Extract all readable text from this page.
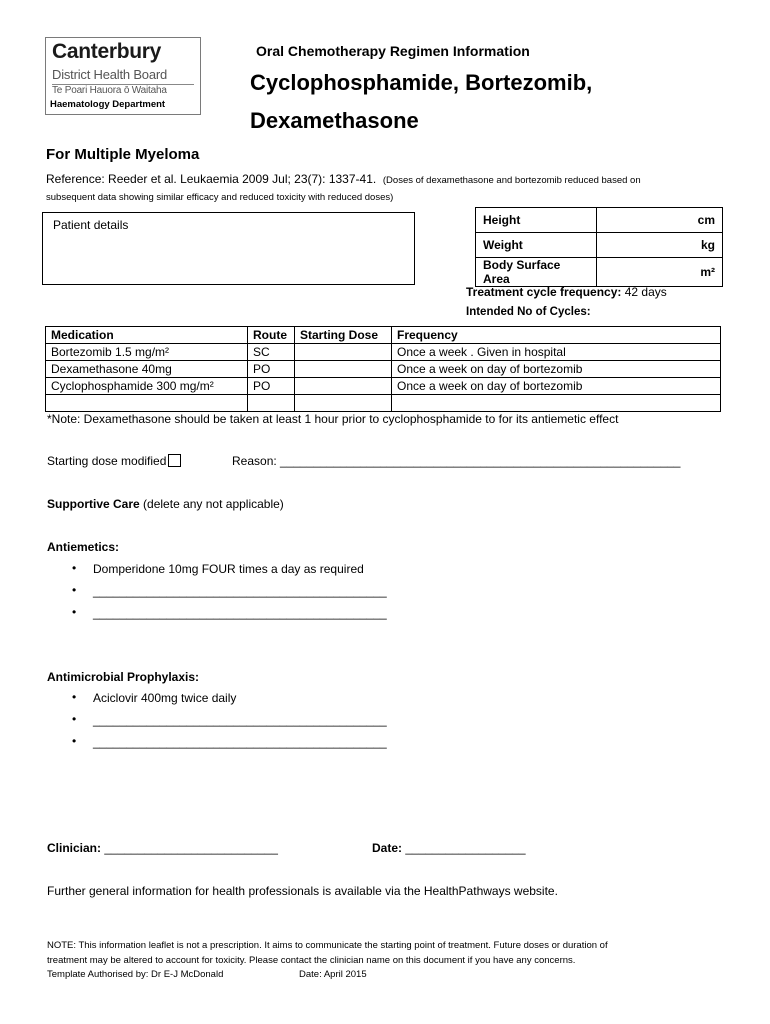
Canterbury
District Health Board
Te Poari Hauora ō Waitaha
Haematology Department
Oral Chemotherapy Regimen Information
Cyclophosphamide, Bortezomib,
Dexamethasone
For Multiple Myeloma
Reference: Reeder et al. Leukaemia 2009 Jul; 23(7): 1337-41. (Doses of dexamethasone and bortezomib reduced based on
subsequent data showing similar efficacy and reduced toxicity with reduced doses)
Patient details	Height	cm
Weight	kg
Body Surface Area	m²
Treatment cycle frequency: 42 days
Intended No of Cycles:
Medication	Route	Starting Dose	Frequency
Bortezomib 1.5 mg/m²	SC		Once a week . Given in hospital
Dexamethasone 40mg	PO		Once a week on day of bortezomib
Cyclophosphamide 300 mg/m²	PO		Once a week on day of bortezomib

*Note: Dexamethasone should be taken at least 1 hour prior to cyclophosphamide to for its antiemetic effect
Starting dose modified	Reason: ____________________________________________________________
Supportive Care (delete any not applicable)
Antiemetics:
• Domperidone 10mg FOUR times a day as required
• ____________________________________________
• ____________________________________________
Antimicrobial Prophylaxis:
• Aciclovir 400mg twice daily
• ____________________________________________
• ____________________________________________
Clinician: __________________________	Date: __________________
Further general information for health professionals is available via the HealthPathways website.
NOTE: This information leaflet is not a prescription. It aims to communicate the starting point of treatment. Future doses or duration of
treatment may be altered to account for toxicity. Please contact the clinician name on this document if you have any concerns.
Template Authorised by: Dr E-J McDonald	Date: April 2015
